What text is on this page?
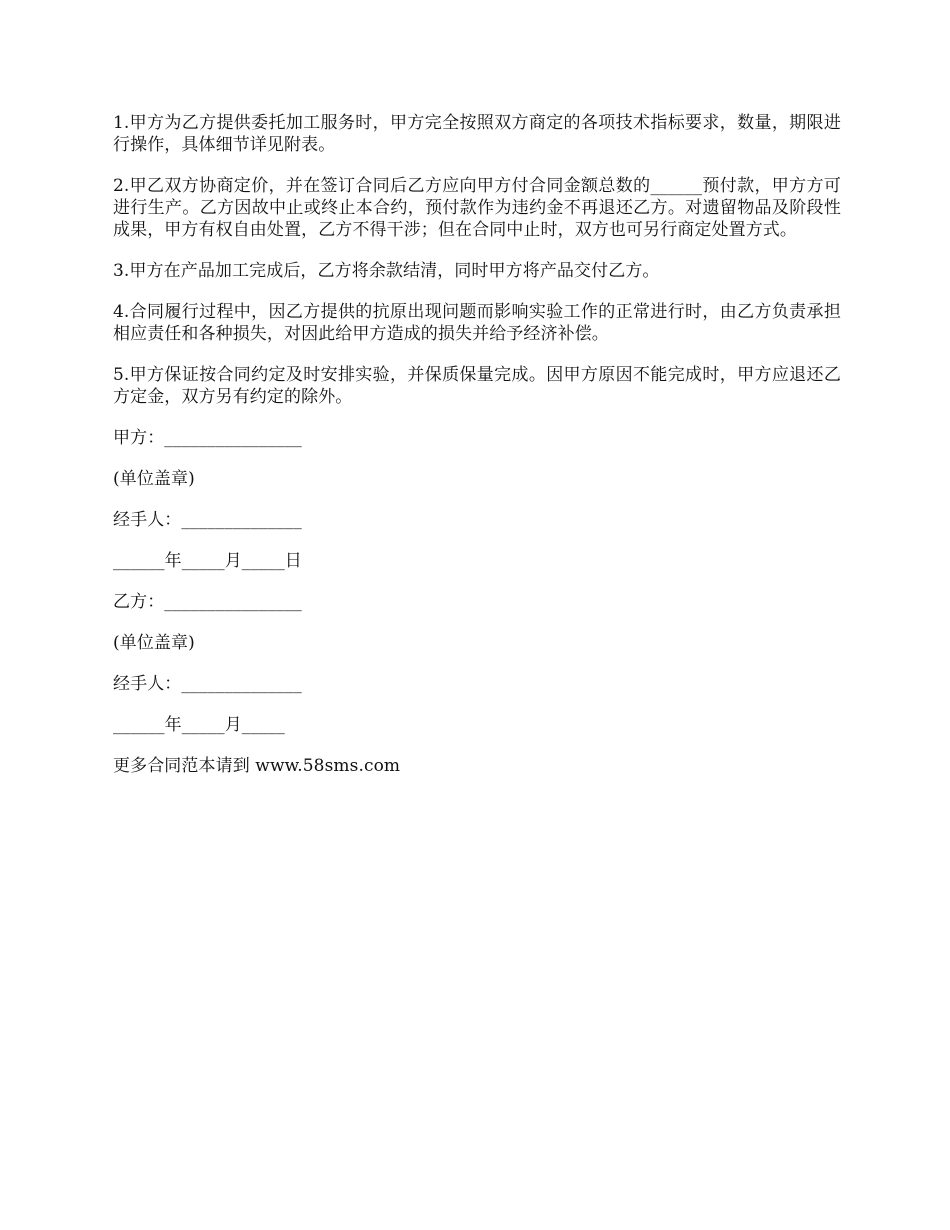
1.甲方为乙方提供委托加工服务时，甲方完全按照双方商定的各项技术指标要求，数量，期限进行操作，具体细节详见附表。

2.甲乙双方协商定价，并在签订合同后乙方应向甲方付合同金额总数的______预付款，甲方方可进行生产。乙方因故中止或终止本合约，预付款作为违约金不再退还乙方。对遗留物品及阶段性成果，甲方有权自由处置，乙方不得干涉；但在合同中止时，双方也可另行商定处置方式。

3.甲方在产品加工完成后，乙方将余款结清，同时甲方将产品交付乙方。

4.合同履行过程中，因乙方提供的抗原出现问题而影响实验工作的正常进行时，由乙方负责承担相应责任和各种损失，对因此给甲方造成的损失并给予经济补偿。

5.甲方保证按合同约定及时安排实验，并保质保量完成。因甲方原因不能完成时，甲方应退还乙方定金，双方另有约定的除外。

甲方：________________

(单位盖章)

经手人：______________

______年_____月_____日

乙方：________________

(单位盖章)

经手人：______________

______年_____月_____

更多合同范本请到 www.58sms.com
